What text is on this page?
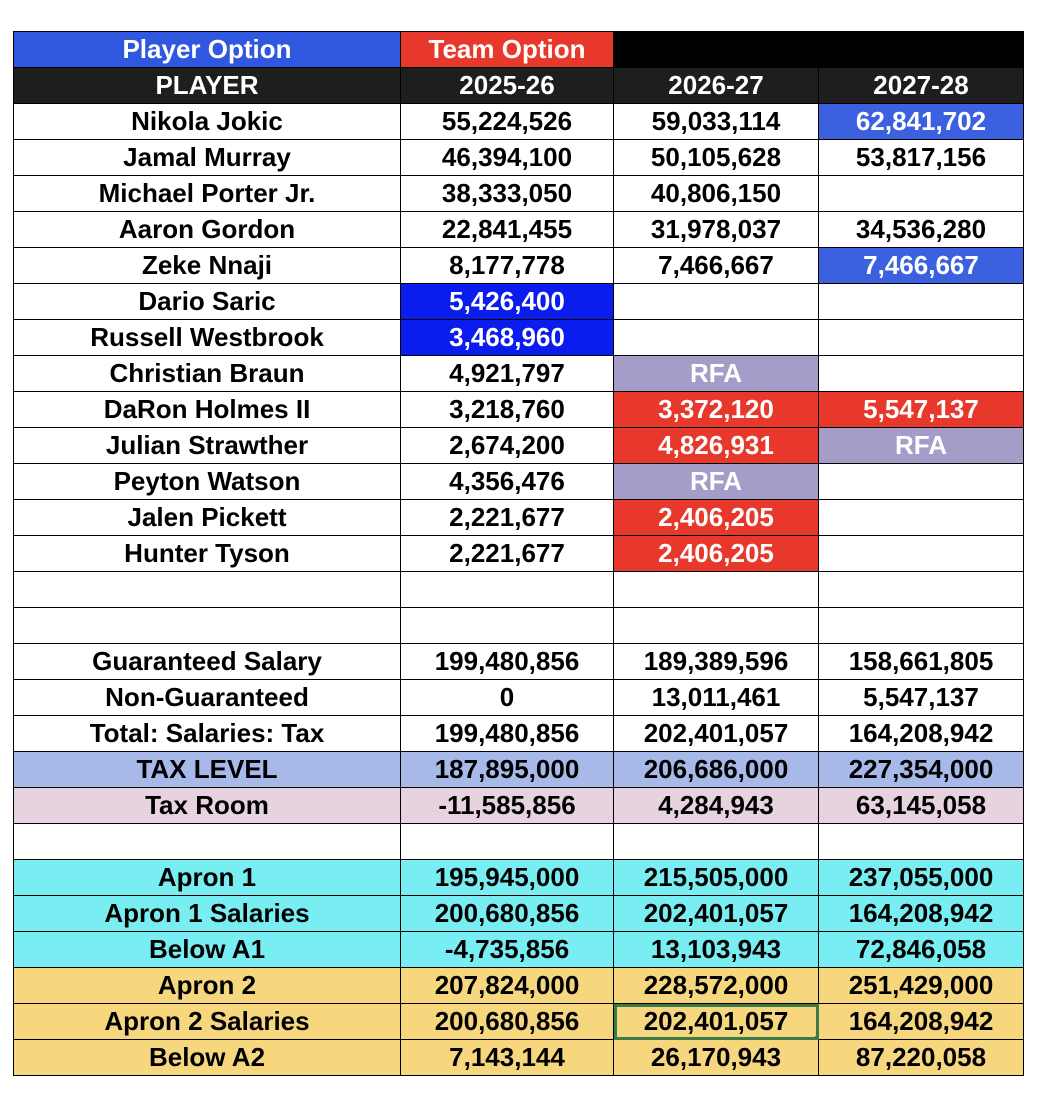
Player Option	Team Option		
PLAYER	2025-26	2026-27	2027-28
Nikola Jokic	55,224,526	59,033,114	62,841,702
Jamal Murray	46,394,100	50,105,628	53,817,156
Michael Porter Jr.	38,333,050	40,806,150	
Aaron Gordon	22,841,455	31,978,037	34,536,280
Zeke Nnaji	8,177,778	7,466,667	7,466,667
Dario Saric	5,426,400		
Russell Westbrook	3,468,960		
Christian Braun	4,921,797	RFA	
DaRon Holmes II	3,218,760	3,372,120	5,547,137
Julian Strawther	2,674,200	4,826,931	RFA
Peyton Watson	4,356,476	RFA	
Jalen Pickett	2,221,677	2,406,205	
Hunter Tyson	2,221,677	2,406,205	

Guaranteed Salary	199,480,856	189,389,596	158,661,805
Non-Guaranteed	0	13,011,461	5,547,137
Total: Salaries: Tax	199,480,856	202,401,057	164,208,942
TAX LEVEL	187,895,000	206,686,000	227,354,000
Tax Room	-11,585,856	4,284,943	63,145,058

Apron 1	195,945,000	215,505,000	237,055,000
Apron 1 Salaries	200,680,856	202,401,057	164,208,942
Below A1	-4,735,856	13,103,943	72,846,058
Apron 2	207,824,000	228,572,000	251,429,000
Apron 2 Salaries	200,680,856	202,401,057	164,208,942
Below A2	7,143,144	26,170,943	87,220,058
